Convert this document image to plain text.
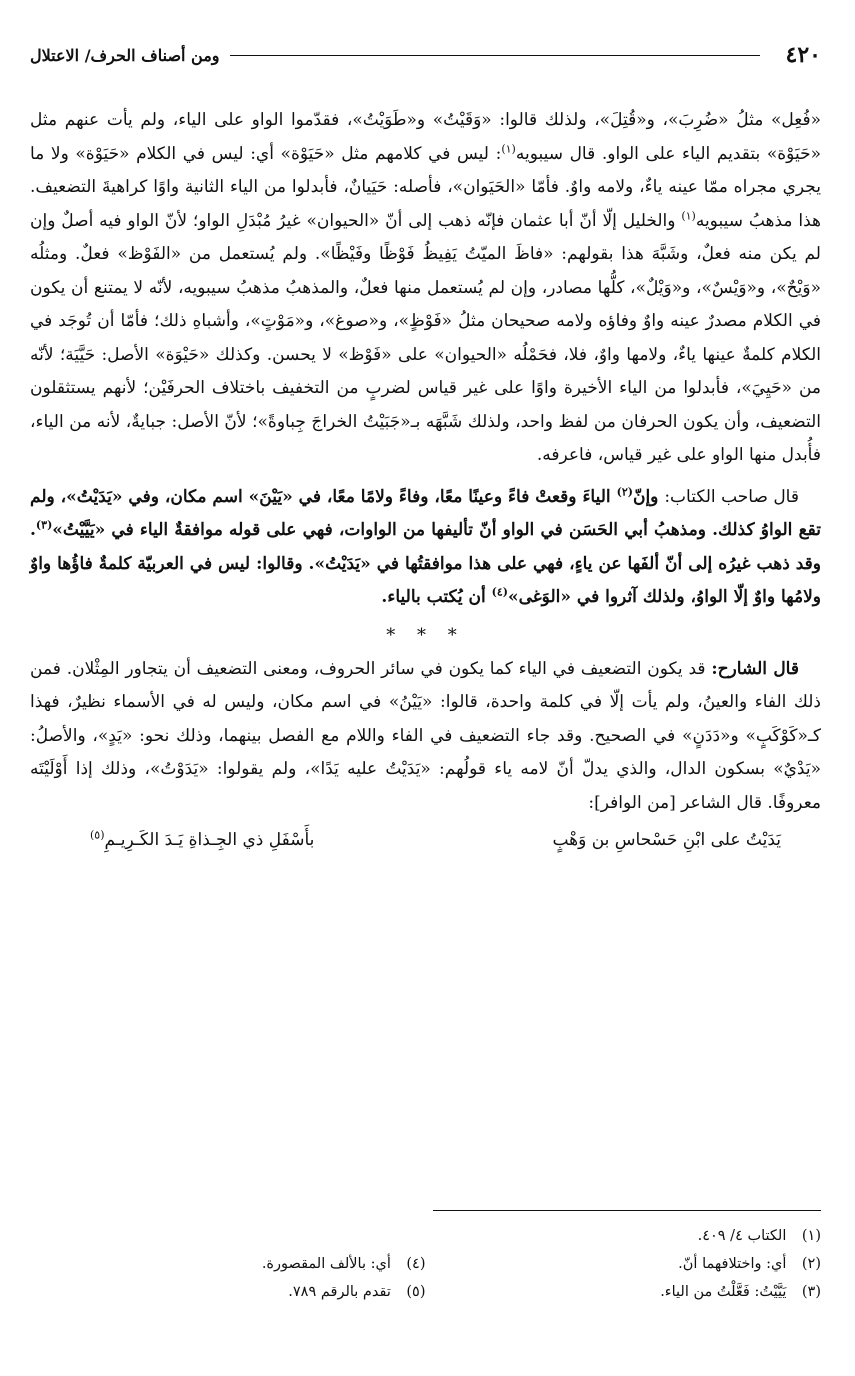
٤٢٠
ومن أصناف الحرف/ الاعتلال

«فُعِل» مثلُ «ضُرِبَ»، و«قُتِلَ»، ولذلك قالوا: «وَقَيْتُ» و«طَوَيْتُ»، فقدّموا الواو على الياء، ولم يأت عنهم مثل «حَيَوْة» بتقديم الياء على الواو. قال سيبويه$^{(١)}$: ليس في كلامهم مثل «حَيَوْة» أي: ليس في الكلام «حَيَوْة» ولا ما يجري مجراه ممّا عينه ياءٌ، ولامه واوٌ. فأمّا «الحَيَوان»، فأصله: حَيَيانٌ، فأبدلوا من الياء الثانية واوًا كراهيةَ التضعيف. هذا مذهبُ سيبويه$^{(١)}$ والخليل إلّا أنّ أبا عثمان فإنّه ذهب إلى أنّ «الحيوان» غيرُ مُبْدَلِ الواو؛ لأنّ الواو فيه أصلٌ وإن لم يكن منه فعلٌ، وشَبَّهَ هذا بقولهم: «فاظَ الميّتُ يَفِيظُ فَوْظًا وفَيْظًا». ولم يُستعمل من «الفَوْظ» فعلٌ. ومثلُه «وَيْحٌ»، و«وَيْسٌ»، و«وَيْلٌ»، كلُّها مصادر، وإن لم يُستعمل منها فعلٌ، والمذهبُ مذهبُ سيبويه، لأنّه لا يمتنع أن يكون في الكلام مصدرٌ عينه واوٌ وفاؤه ولامه صحيحان مثلُ «فَوْظٍ»، و«صوغ»، و«مَوْتٍ»، وأشباهِ ذلك؛ فأمّا أن تُوجَد في الكلام كلمةٌ عينها ياءٌ، ولامها واوٌ، فلا، فحَمْلُه «الحيوان» على «فَوْظ» لا يحسن. وكذلك «حَيْوَة» الأصل: حَيَّيَة؛ لأنّه من «حَيِيَ»، فأبدلوا من الياء الأخيرة واوًا على غير قياس لضربٍ من التخفيف باختلاف الحرفَيْن؛ لأنهم يستثقلون التضعيف، وأن يكون الحرفان من لفظ واحد، ولذلك شَبَّهَه بـ«جَبَيْتُ الخراجَ جِباوةً»؛ لأنّ الأصل: جبايةٌ، لأنه من الياء، فأُبدل منها الواو على غير قياس، فاعرفه.

قال صاحب الكتاب: وإنّ$^{(٢)}$ الياءَ وقعتْ فاءً وعينًا معًا، وفاءً ولامًا معًا، في «يَيْنَ» اسم مكان، وفي «يَدَيْتُ»، ولم تقع الواوُ كذلك. ومذهبُ أبي الحَسَن في الواو أنّ تأليفها من الواوات، فهي على قوله موافقةٌ الياء في «يَيَّيْتُ»$^{(٣)}$. وقد ذهب غيرُه إلى أنّ ألفَها عن ياءٍ، فهي على هذا موافقتُها في «يَدَيْتُ». وقالوا: ليس في العربيّة كلمةٌ فاؤُها واوٌ ولامُها واوٌ إلّا الواوُ، ولذلك آثروا في «الوَغى»$^{(٤)}$ أن يُكتب بالياء.

* * *

قال الشارح: قد يكون التضعيف في الياء كما يكون في سائر الحروف، ومعنى التضعيف أن يتجاور المِثْلان. فمن ذلك الفاء والعينُ، ولم يأت إلّا في كلمة واحدة، قالوا: «يَيْنُ» في اسم مكان، وليس له في الأسماء نظيرٌ، فهذا كـ«كَوْكَبٍ» و«دَدَنٍ» في الصحيح. وقد جاء التضعيف في الفاء واللام مع الفصل بينهما، وذلك نحو: «يَدٍ»، والأصلُ: «يَدْيٌ» بسكون الدال، والذي يدلّ أنّ لامه ياء قولُهم: «يَدَيْتُ عليه يَدًا»، ولم يقولوا: «يَدَوْتُ»، وذلك إذا أَوْلَيْتَه معروفًا. قال الشاعر [من الوافر]:

يَدَيْتُ على ابْنِ حَسْحاسِ بن وَهْبٍ
بأَسْفَلِ ذي الجِـذاةِ يَـدَ الكَـرِيـمِ$^{(٥)}$
(١) الكتاب ٤/ ٤٠٩.
(٢) أي: واختلافهما أنّ.
(٤) أي: بالألف المقصورة.
(٣) يَيَّيْتُ: فَعَّلْتُ من الياء.
(٥) تقدم بالرقم ٧٨٩.
